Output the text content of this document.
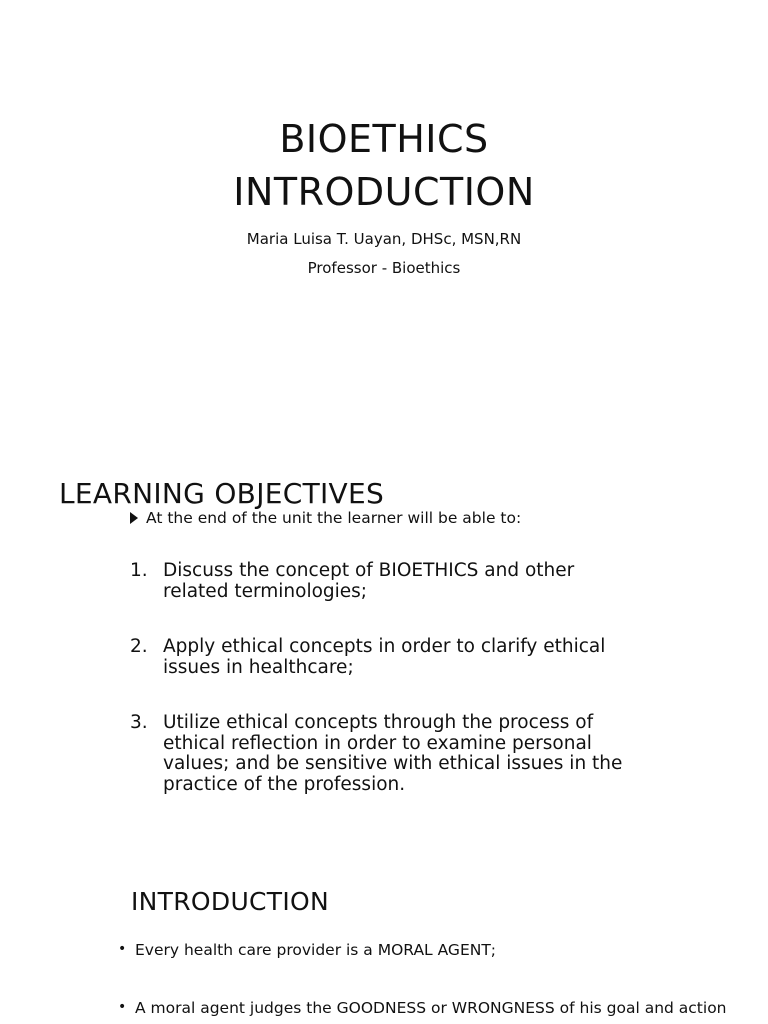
BIOETHICS
INTRODUCTION
Maria Luisa T. Uayan, DHSc, MSN,RN
Professor - Bioethics
LEARNING OBJECTIVES
At the end of the unit the learner will be able to:
1. Discuss the concept of BIOETHICS and other related terminologies;
2. Apply ethical concepts in order to clarify ethical issues in healthcare;
3. Utilize ethical concepts through the process of ethical reflection in order to examine personal values; and be sensitive with ethical issues in the practice of the profession.
INTRODUCTION
• Every health care provider is a MORAL AGENT;
• A moral agent judges the GOODNESS or WRONGNESS of his goal and action
